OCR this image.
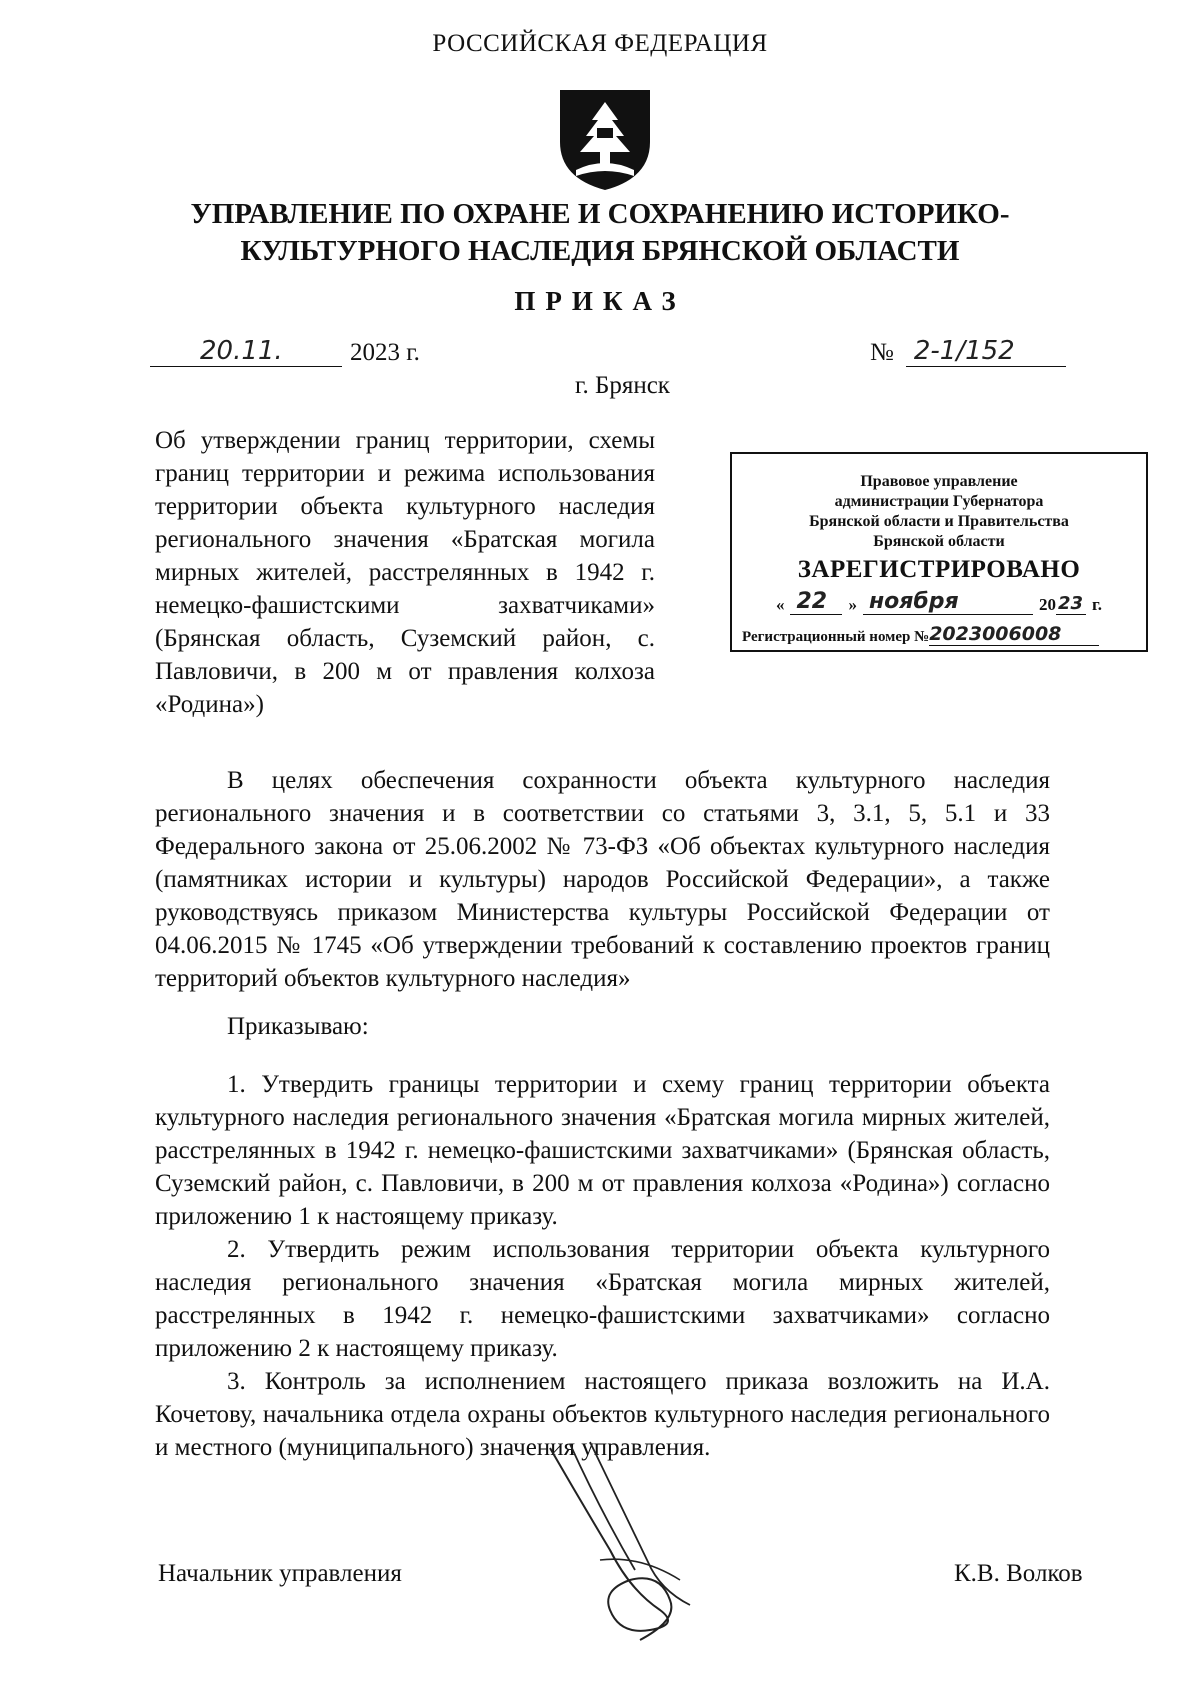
РОССИЙСКАЯ ФЕДЕРАЦИЯ
УПРАВЛЕНИЕ ПО ОХРАНЕ И СОХРАНЕНИЮ ИСТОРИКО-
КУЛЬТУРНОГО НАСЛЕДИЯ БРЯНСКОЙ ОБЛАСТИ
ПРИКАЗ
20.11.	2023 г.	№ 2-1/152
г. Брянск

Об утверждении границ территории, схемы границ территории и режима использования территории объекта культурного наследия регионального значения «Братская могила мирных жителей, расстрелянных в 1942 г. немецко-фашистскими захватчиками» (Брянская область, Суземский район, с. Павловичи, в 200 м от правления колхоза «Родина»)

Правовое управление
администрации Губернатора
Брянской области и Правительства
Брянской области
ЗАРЕГИСТРИРОВАНО
« 22 » ноября	20 23 г.
Регистрационный номер № 2023006008

В целях обеспечения сохранности объекта культурного наследия регионального значения и в соответствии со статьями 3, 3.1, 5, 5.1 и 33 Федерального закона от 25.06.2002 № 73-ФЗ «Об объектах культурного наследия (памятниках истории и культуры) народов Российской Федерации», а также руководствуясь приказом Министерства культуры Российской Федерации от 04.06.2015 № 1745 «Об утверждении требований к составлению проектов границ территорий объектов культурного наследия»

Приказываю:

1. Утвердить границы территории и схему границ территории объекта культурного наследия регионального значения «Братская могила мирных жителей, расстрелянных в 1942 г. немецко-фашистскими захватчиками» (Брянская область, Суземский район, с. Павловичи, в 200 м от правления колхоза «Родина») согласно приложению 1 к настоящему приказу.

2. Утвердить режим использования территории объекта культурного наследия регионального значения «Братская могила мирных жителей, расстрелянных в 1942 г. немецко-фашистскими захватчиками» согласно приложению 2 к настоящему приказу.

3. Контроль за исполнением настоящего приказа возложить на И.А. Кочетову, начальника отдела охраны объектов культурного наследия регионального и местного (муниципального) значения управления.

Начальник управления	К.В. Волков
